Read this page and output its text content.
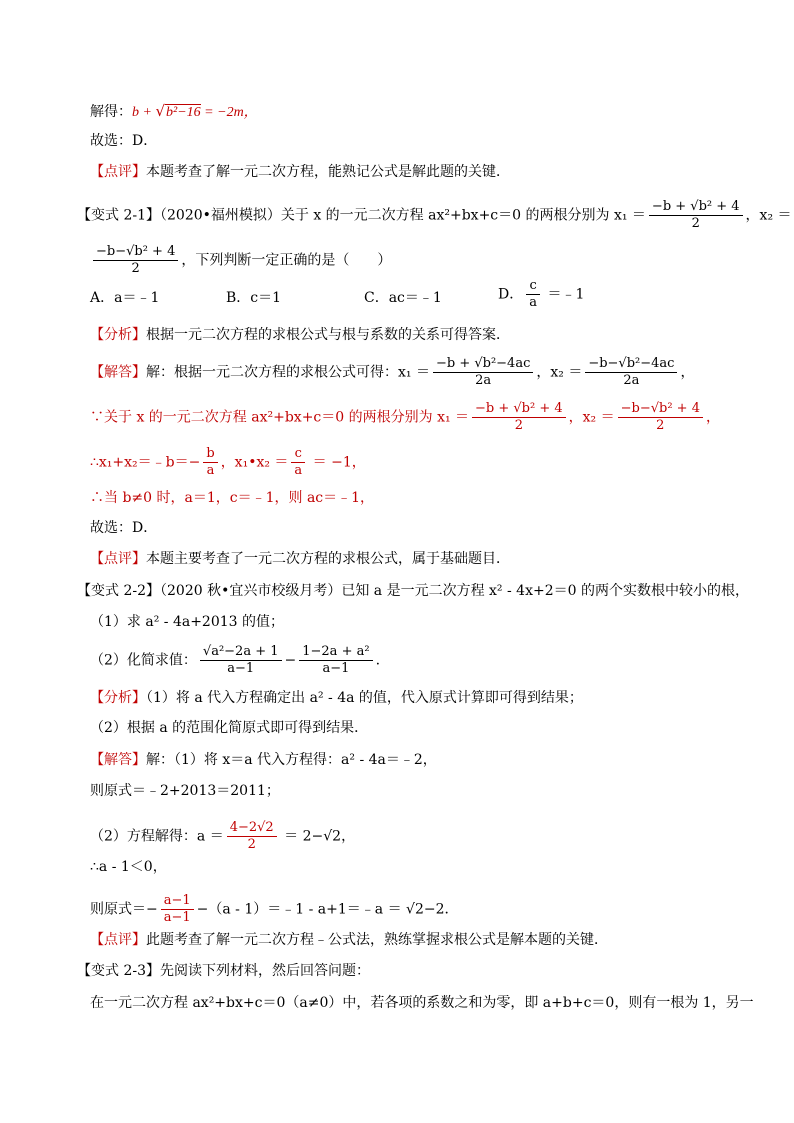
解得：b + √b²−16 = −2m，
故选：D．
【点评】本题考查了解一元二次方程，能熟记公式是解此题的关键．
【变式 2-1】（2020•福州模拟）关于 x 的一元二次方程 ax²+bx+c＝0 的两根分别为 $x_1 = \frac{\text{−b + √b² + 4}}{2}$ ，x₂ ＝
$\frac{\text{−b−√b² + 4}}{2}$ ，下列判断一定正确的是（　　）
A．a＝﹣1	B．c＝1	C．ac＝﹣1	D． $\frac{c}{a}$ ＝﹣1
【分析】根据一元二次方程的求根公式与根与系数的关系可得答案．
【解答】解：根据一元二次方程的求根公式可得：$x_1 = \frac{\text{−b + √b²−4ac}}{2a}$ ，$x_2 = \frac{\text{−b−√b²−4ac}}{2a}$ ，
∵关于 x 的一元二次方程 ax²+bx+c＝0 的两根分别为 $x_1 = \frac{\text{−b + √b² + 4}}{2}$ ，$x_2 = \frac{\text{−b−√b² + 4}}{2}$ ，
∴x₁+x₂＝﹣b＝− $\frac{b}{a}$ ，x₁•x₂ ＝ $\frac{c}{a} = -1$，
∴当 b≠0 时，a＝1，c＝﹣1，则 ac＝﹣1，
故选：D．
【点评】本题主要考查了一元二次方程的求根公式，属于基础题目．
【变式 2-2】（2020 秋•宜兴市校级月考）已知 a 是一元二次方程 x² - 4x+2＝0 的两个实数根中较小的根，
（1）求 a² - 4a+2013 的值；
（2）化简求值： $\frac{\text{√a²−2a + 1}}{a-1} - \frac{\text{1−2a + a²}}{a-1}$ .
【分析】（1）将 a 代入方程确定出 a² - 4a 的值，代入原式计算即可得到结果；
（2）根据 a 的范围化简原式即可得到结果．
【解答】解：（1）将 x＝a 代入方程得：a² - 4a＝﹣2，
则原式＝﹣2+2013＝2011；
（2）方程解得：$a = \frac{4-2√2}{2} = 2-√2$，
∴a - 1＜0，
则原式＝− $\frac{a-1}{a-1} -(a$ - 1）＝﹣1 - a+1＝﹣a ＝ √2−2．
【点评】此题考查了解一元二次方程﹣公式法，熟练掌握求根公式是解本题的关键．
【变式 2-3】先阅读下列材料，然后回答问题：
在一元二次方程 ax²+bx+c＝0（a≠0）中，若各项的系数之和为零，即 a+b+c＝0，则有一根为 1，另一
